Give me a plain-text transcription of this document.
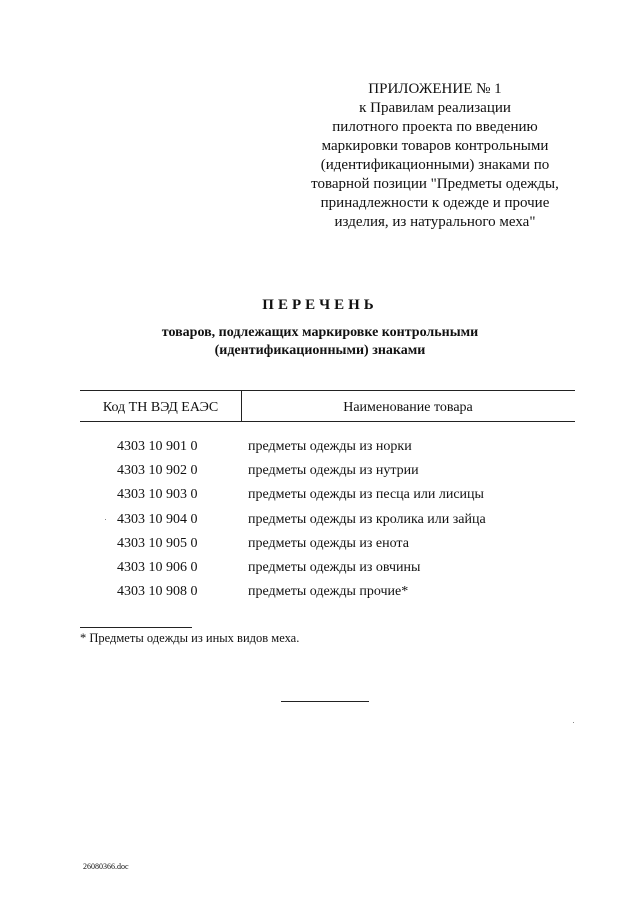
ПРИЛОЖЕНИЕ № 1
к Правилам реализации
пилотного проекта по введению
маркировки товаров контрольными
(идентификационными) знаками по
товарной позиции "Предметы одежды,
принадлежности к одежде и прочие
изделия, из натурального меха"
ПЕРЕЧЕНЬ
товаров, подлежащих маркировке контрольными
(идентификационными) знаками
Код ТН ВЭД ЕАЭС	Наименование товара
4303 10 901 0	предметы одежды из норки
4303 10 902 0	предметы одежды из нутрии
4303 10 903 0	предметы одежды из песца или лисицы
4303 10 904 0	предметы одежды из кролика или зайца
4303 10 905 0	предметы одежды из енота
4303 10 906 0	предметы одежды из овчины
4303 10 908 0	предметы одежды прочие*
* Предметы одежды из иных видов меха.
26080366.doc
